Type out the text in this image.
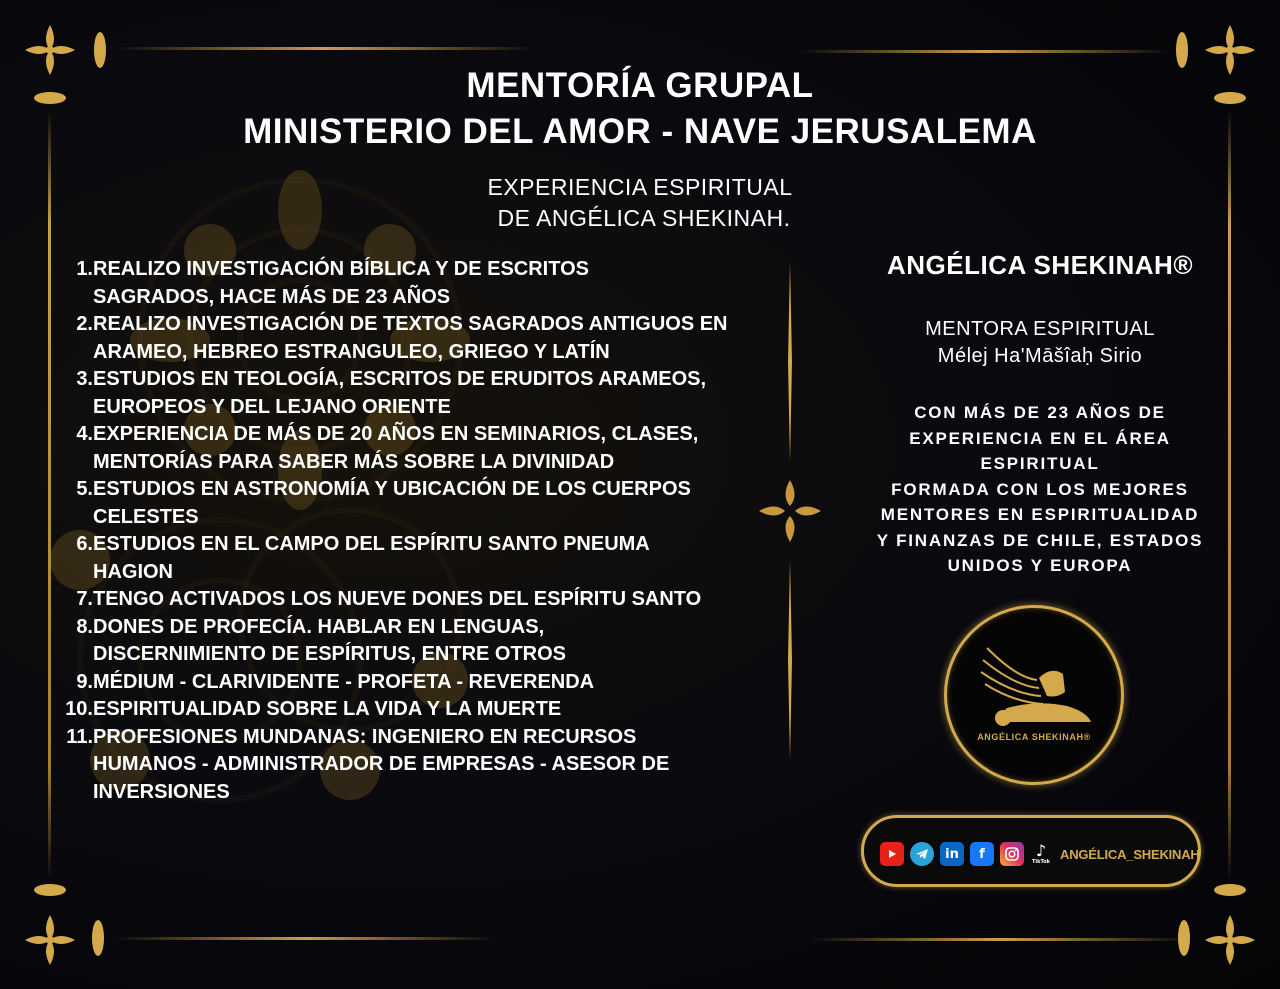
MENTORÍA GRUPAL
MINISTERIO DEL AMOR - NAVE JERUSALEMA
EXPERIENCIA ESPIRITUAL
DE ANGÉLICA SHEKINAH.
1. REALIZO INVESTIGACIÓN BÍBLICA Y DE ESCRITOS SAGRADOS, HACE MÁS DE 23 AÑOS
2. REALIZO INVESTIGACIÓN DE TEXTOS SAGRADOS ANTIGUOS EN ARAMEO, HEBREO ESTRANGULEO, GRIEGO Y LATÍN
3. ESTUDIOS EN TEOLOGÍA, ESCRITOS DE ERUDITOS ARAMEOS, EUROPEOS Y DEL LEJANO ORIENTE
4. EXPERIENCIA DE MÁS DE 20 AÑOS EN SEMINARIOS, CLASES, MENTORÍAS PARA SABER MÁS SOBRE LA DIVINIDAD
5. ESTUDIOS EN ASTRONOMÍA Y UBICACIÓN DE LOS CUERPOS CELESTES
6. ESTUDIOS EN EL CAMPO DEL ESPÍRITU SANTO PNEUMA HAGION
7. TENGO ACTIVADOS LOS NUEVE DONES DEL ESPÍRITU SANTO
8. DONES DE PROFECÍA. HABLAR EN LENGUAS, DISCERNIMIENTO DE ESPÍRITUS, ENTRE OTROS
9. MÉDIUM - CLARIVIDENTE - PROFETA - REVERENDA
10. ESPIRITUALIDAD SOBRE LA VIDA Y LA MUERTE
11. PROFESIONES MUNDANAS: INGENIERO EN RECURSOS HUMANOS - ADMINISTRADOR DE EMPRESAS - ASESOR DE INVERSIONES
ANGÉLICA SHEKINAH®
MENTORA ESPIRITUAL
Mélej Ha'Māšîaḥ Sirio
CON MÁS DE 23 AÑOS DE
EXPERIENCIA EN EL ÁREA
ESPIRITUAL
FORMADA CON LOS MEJORES
MENTORES EN ESPIRITUALIDAD
Y FINANZAS DE CHILE, ESTADOS
UNIDOS Y EUROPA
ANGÉLICA SHEKINAH®
in	f	♪
TikTok ANGÉLICA_SHEKINAH
